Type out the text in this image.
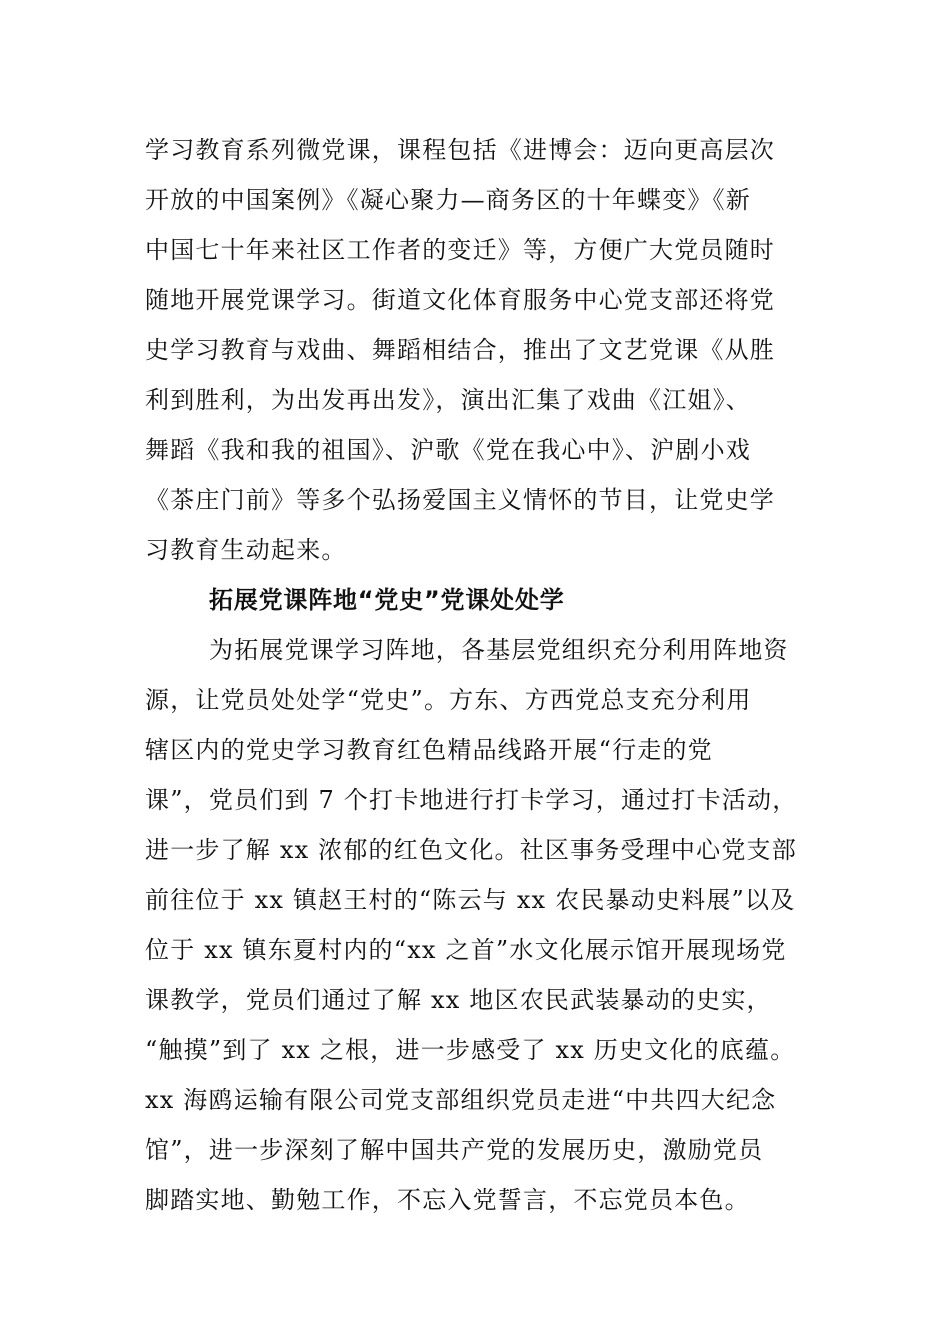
学习教育系列微党课，课程包括《进博会：迈向更高层次
开放的中国案例》《凝心聚力—商务区的十年蝶变》《新
中国七十年来社区工作者的变迁》等，方便广大党员随时
随地开展党课学习。街道文化体育服务中心党支部还将党
史学习教育与戏曲、舞蹈相结合，推出了文艺党课《从胜
利到胜利，为出发再出发》，演出汇集了戏曲《江姐》、
舞蹈《我和我的祖国》、沪歌《党在我心中》、沪剧小戏
《茶庄门前》等多个弘扬爱国主义情怀的节目，让党史学
习教育生动起来。
拓展党课阵地“党史”党课处处学
为拓展党课学习阵地，各基层党组织充分利用阵地资
源，让党员处处学“党史”。方东、方西党总支充分利用
辖区内的党史学习教育红色精品线路开展“行走的党
课”，党员们到 7 个打卡地进行打卡学习，通过打卡活动，
进一步了解 xx 浓郁的红色文化。社区事务受理中心党支部
前往位于 xx 镇赵王村的“陈云与 xx 农民暴动史料展”以及
位于 xx 镇东夏村内的“xx 之首”水文化展示馆开展现场党
课教学，党员们通过了解 xx 地区农民武装暴动的史实，
“触摸”到了 xx 之根，进一步感受了 xx 历史文化的底蕴。
xx 海鸥运输有限公司党支部组织党员走进“中共四大纪念
馆”，进一步深刻了解中国共产党的发展历史，激励党员
脚踏实地、勤勉工作，不忘入党誓言，不忘党员本色。
